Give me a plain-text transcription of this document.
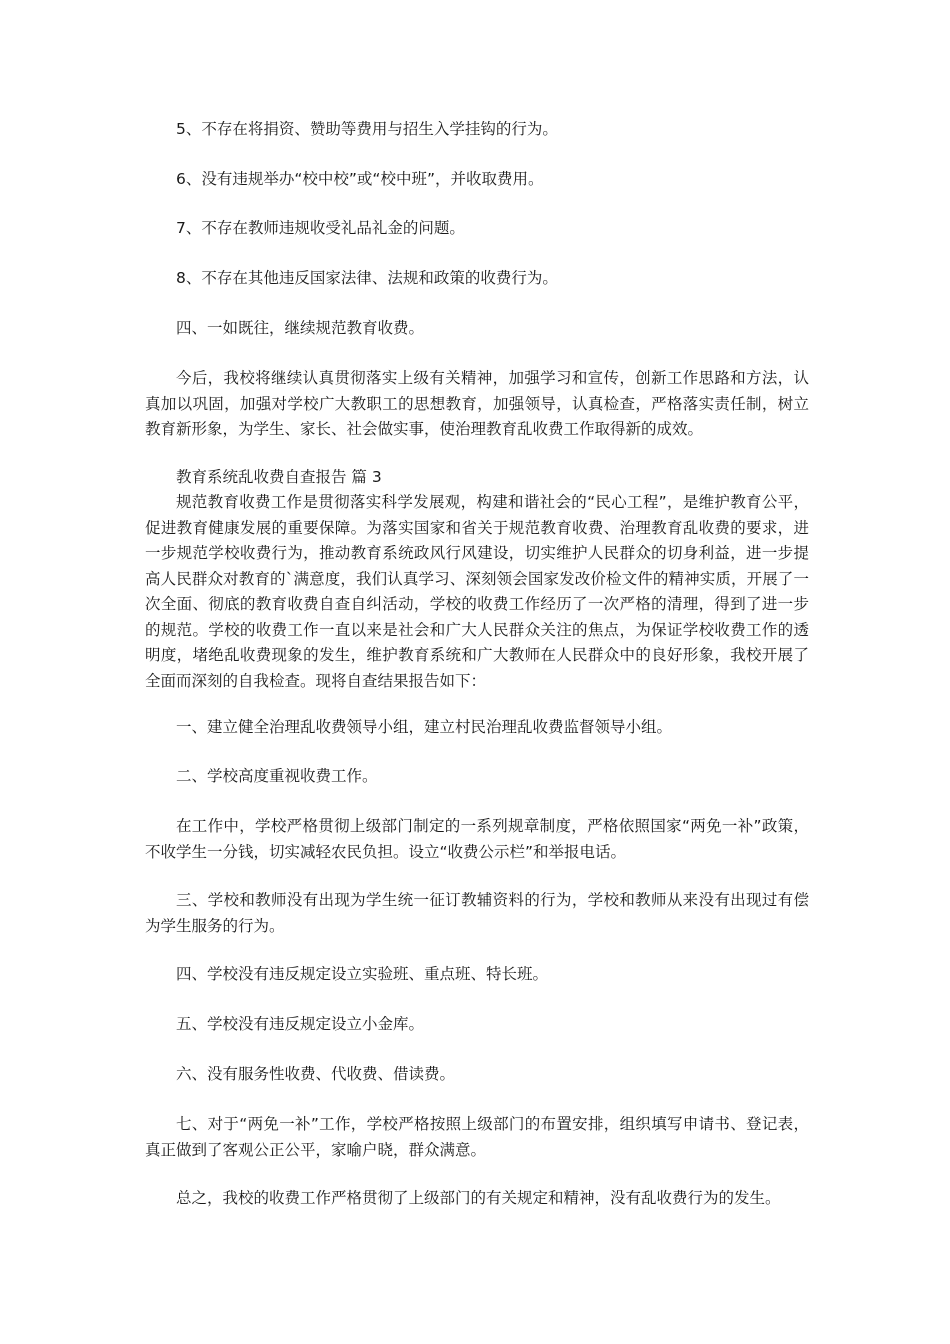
5、不存在将捐资、赞助等费用与招生入学挂钩的行为。

6、没有违规举办“校中校”或“校中班”，并收取费用。

7、不存在教师违规收受礼品礼金的问题。

8、不存在其他违反国家法律、法规和政策的收费行为。

四、一如既往，继续规范教育收费。

今后，我校将继续认真贯彻落实上级有关精神，加强学习和宣传，创新工作思路和方法，认真加以巩固，加强对学校广大教职工的思想教育，加强领导，认真检查，严格落实责任制，树立教育新形象，为学生、家长、社会做实事，使治理教育乱收费工作取得新的成效。

教育系统乱收费自查报告 篇 3

规范教育收费工作是贯彻落实科学发展观，构建和谐社会的“民心工程”，是维护教育公平，促进教育健康发展的重要保障。为落实国家和省关于规范教育收费、治理教育乱收费的要求，进一步规范学校收费行为，推动教育系统政风行风建设，切实维护人民群众的切身利益，进一步提高人民群众对教育的`满意度，我们认真学习、深刻领会国家发改价检文件的精神实质，开展了一次全面、彻底的教育收费自查自纠活动，学校的收费工作经历了一次严格的清理，得到了进一步的规范。学校的收费工作一直以来是社会和广大人民群众关注的焦点，为保证学校收费工作的透明度，堵绝乱收费现象的发生，维护教育系统和广大教师在人民群众中的良好形象，我校开展了全面而深刻的自我检查。现将自查结果报告如下：

一、建立健全治理乱收费领导小组，建立村民治理乱收费监督领导小组。

二、学校高度重视收费工作。

在工作中，学校严格贯彻上级部门制定的一系列规章制度，严格依照国家“两免一补”政策，不收学生一分钱，切实减轻农民负担。设立“收费公示栏”和举报电话。

三、学校和教师没有出现为学生统一征订教辅资料的行为，学校和教师从来没有出现过有偿为学生服务的行为。

四、学校没有违反规定设立实验班、重点班、特长班。

五、学校没有违反规定设立小金库。

六、没有服务性收费、代收费、借读费。

七、对于“两免一补”工作，学校严格按照上级部门的布置安排，组织填写申请书、登记表，真正做到了客观公正公平，家喻户晓，群众满意。

总之，我校的收费工作严格贯彻了上级部门的有关规定和精神，没有乱收费行为的发生。
